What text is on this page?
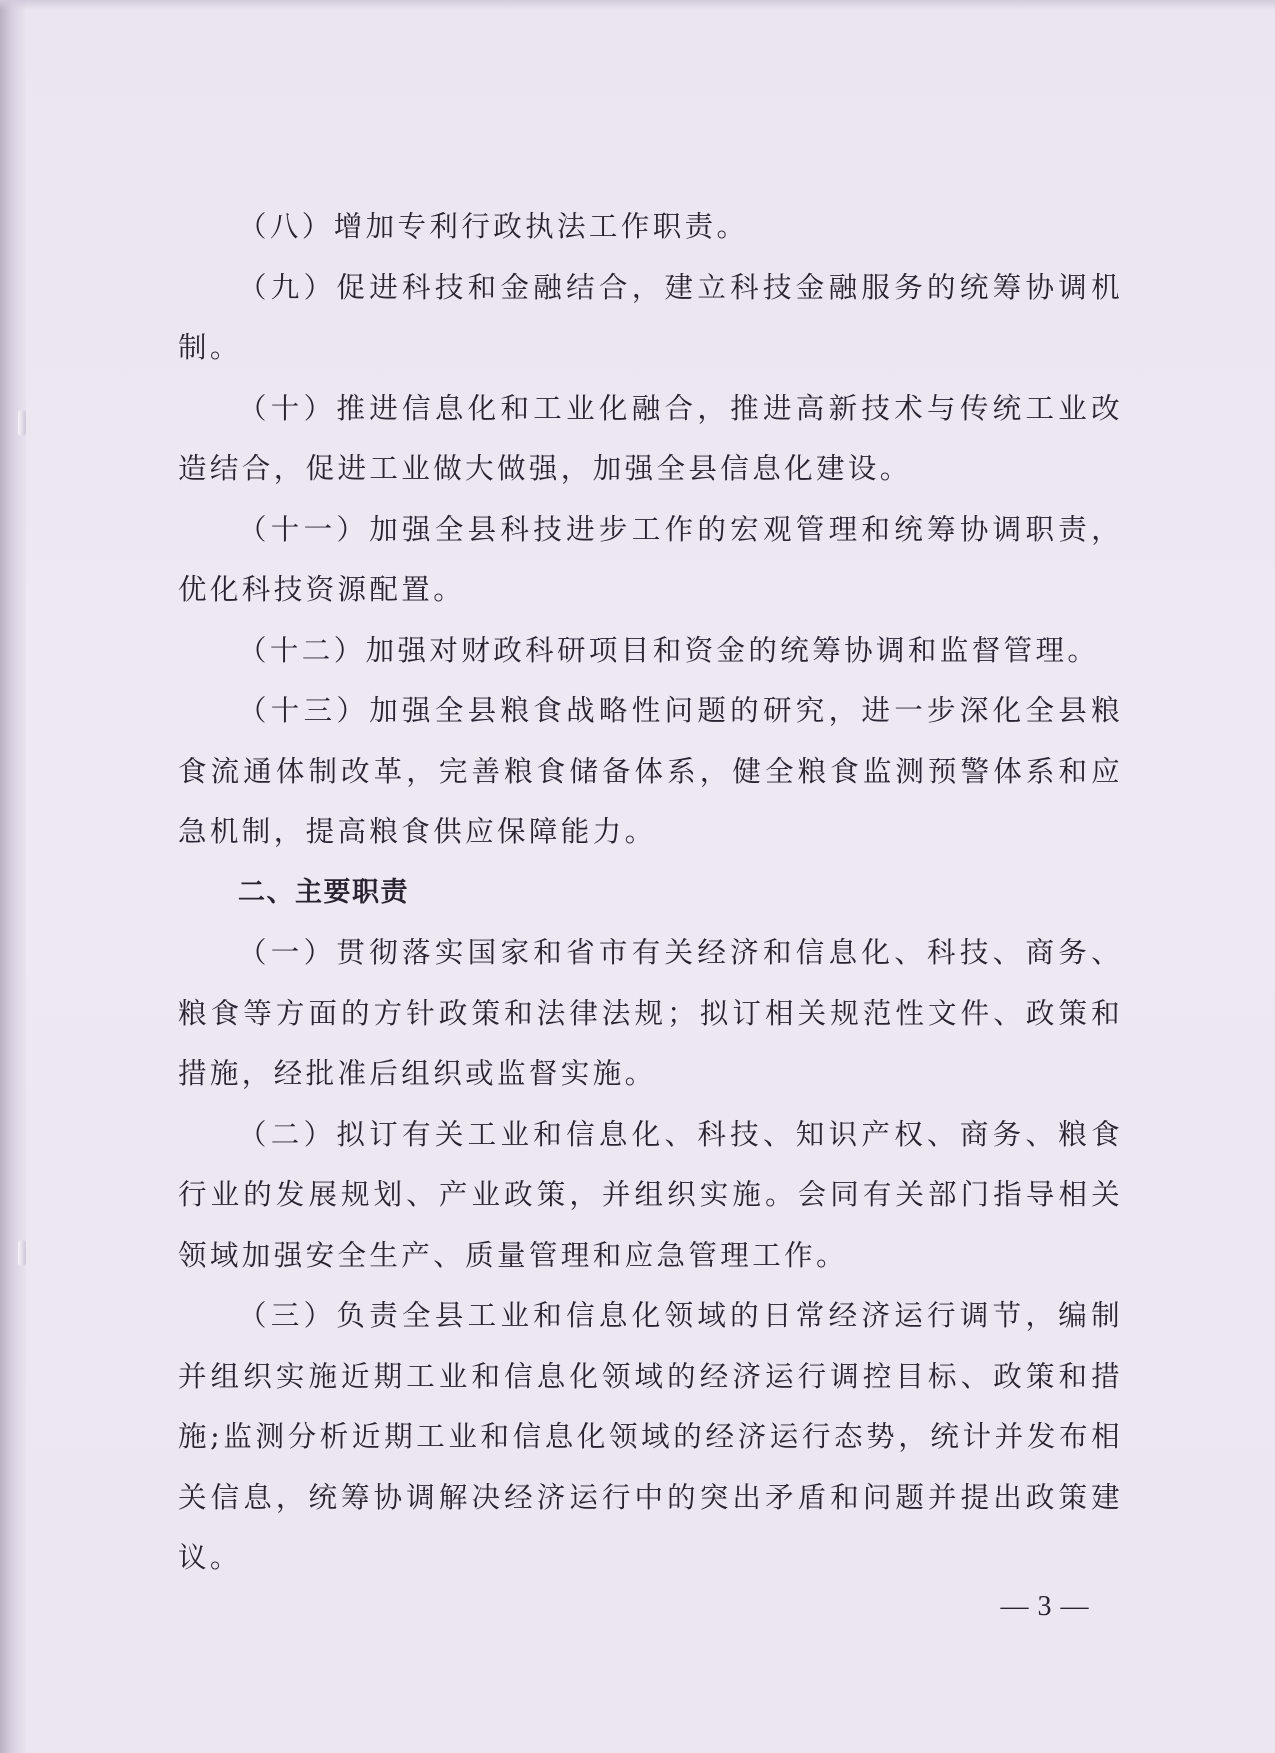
（八）增加专利行政执法工作职责。

（九）促进科技和金融结合，建立科技金融服务的统筹协调机制。

（十）推进信息化和工业化融合，推进高新技术与传统工业改造结合，促进工业做大做强，加强全县信息化建设。

（十一）加强全县科技进步工作的宏观管理和统筹协调职责，优化科技资源配置。

（十二）加强对财政科研项目和资金的统筹协调和监督管理。

（十三）加强全县粮食战略性问题的研究，进一步深化全县粮食流通体制改革，完善粮食储备体系，健全粮食监测预警体系和应急机制，提高粮食供应保障能力。

二、主要职责

（一）贯彻落实国家和省市有关经济和信息化、科技、商务、粮食等方面的方针政策和法律法规；拟订相关规范性文件、政策和措施，经批准后组织或监督实施。

（二）拟订有关工业和信息化、科技、知识产权、商务、粮食行业的发展规划、产业政策，并组织实施。会同有关部门指导相关领域加强安全生产、质量管理和应急管理工作。

（三）负责全县工业和信息化领域的日常经济运行调节，编制并组织实施近期工业和信息化领域的经济运行调控目标、政策和措施;监测分析近期工业和信息化领域的经济运行态势，统计并发布相关信息，统筹协调解决经济运行中的突出矛盾和问题并提出政策建议。

— 3 —
